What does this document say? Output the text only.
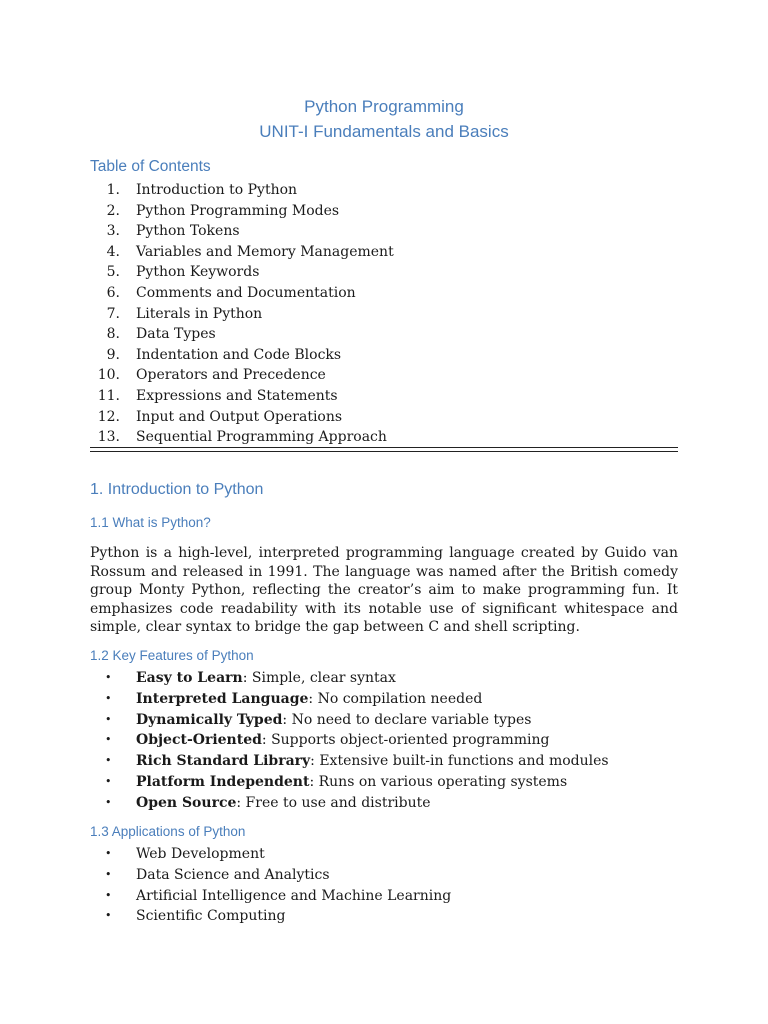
Python Programming
UNIT-I Fundamentals and Basics
Table of Contents
1. Introduction to Python
2. Python Programming Modes
3. Python Tokens
4. Variables and Memory Management
5. Python Keywords
6. Comments and Documentation
7. Literals in Python
8. Data Types
9. Indentation and Code Blocks
10. Operators and Precedence
11. Expressions and Statements
12. Input and Output Operations
13. Sequential Programming Approach
1. Introduction to Python
1.1 What is Python?

Python is a high-level, interpreted programming language created by Guido van Rossum and released in 1991. The language was named after the British comedy group Monty Python, reflecting the creator’s aim to make programming fun. It emphasizes code readability with its notable use of significant whitespace and simple, clear syntax to bridge the gap between C and shell scripting.

1.2 Key Features of Python
• Easy to Learn: Simple, clear syntax
• Interpreted Language: No compilation needed
• Dynamically Typed: No need to declare variable types
• Object-Oriented: Supports object-oriented programming
• Rich Standard Library: Extensive built-in functions and modules
• Platform Independent: Runs on various operating systems
• Open Source: Free to use and distribute
1.3 Applications of Python
• Web Development
• Data Science and Analytics
• Artificial Intelligence and Machine Learning
• Scientific Computing
